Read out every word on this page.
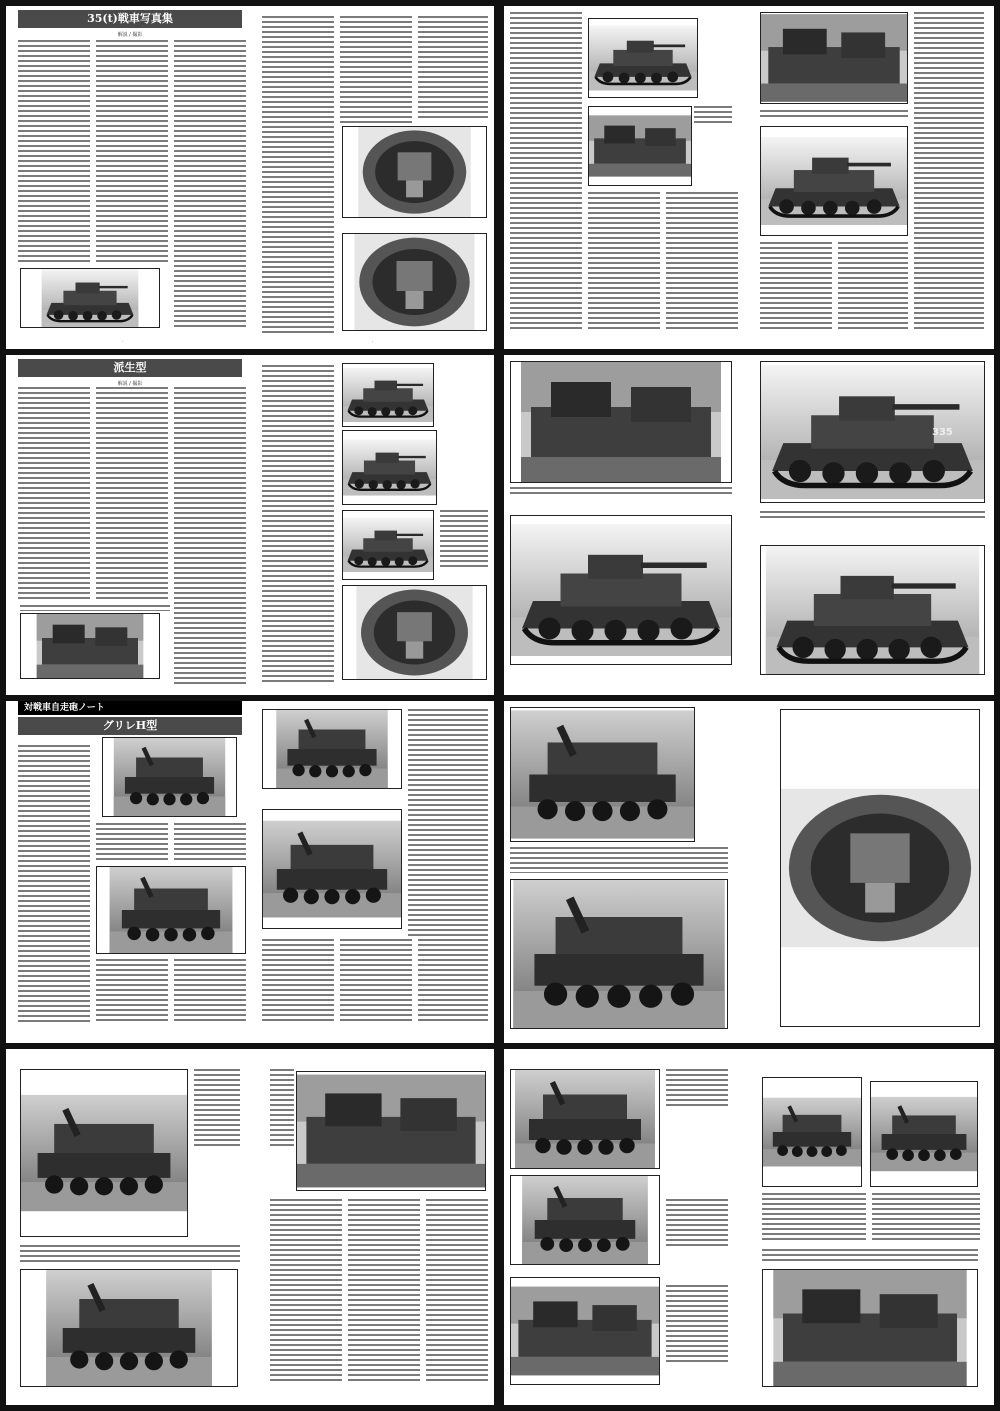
35(t)戦車写真集
解説 / 撮影
·	·
派生型
解説 / 撮影
335
対戦車自走砲ノート
グリレH型
